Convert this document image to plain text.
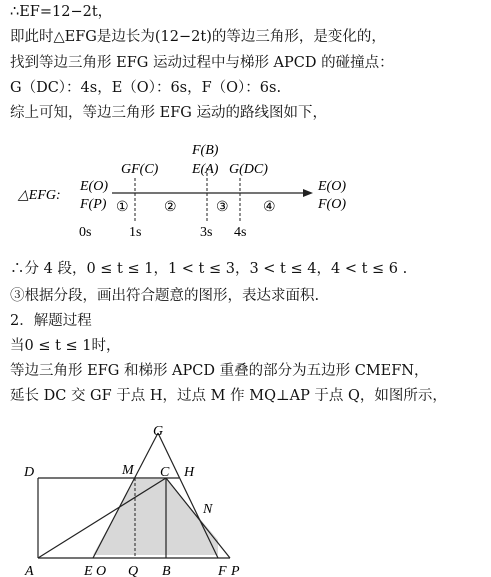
∴EF=12−2t，
即此时△EFG是边长为(12−2t)的等边三角形，是变化的，
找到等边三角形 EFG 运动过程中与梯形 APCD 的碰撞点：
G（DC）：4s，E（O）：6s，F（O）：6s.
综上可知，等边三角形 EFG 运动的路线图如下，
△EFG:
E(O)
F(P)
E(O)
F(O)
GF(C)
F(B)
E(A) G(DC)
①	②	③ ④
0s	1s	3s 4s
∴分 4 段，0 ≤ t ≤ 1，1 < t ≤ 3，3 < t ≤ 4，4 < t ≤ 6 .
③根据分段，画出符合题意的图形，表达求面积.
2．解题过程
当0 ≤ t ≤ 1时，
等边三角形 EFG 和梯形 APCD 重叠的部分为五边形 CMEFN，
延长 DC 交 GF 于点 H，过点 M 作 MQ⊥AP 于点 Q，如图所示，
G
D	M C H
N
A	E O Q B	F P
